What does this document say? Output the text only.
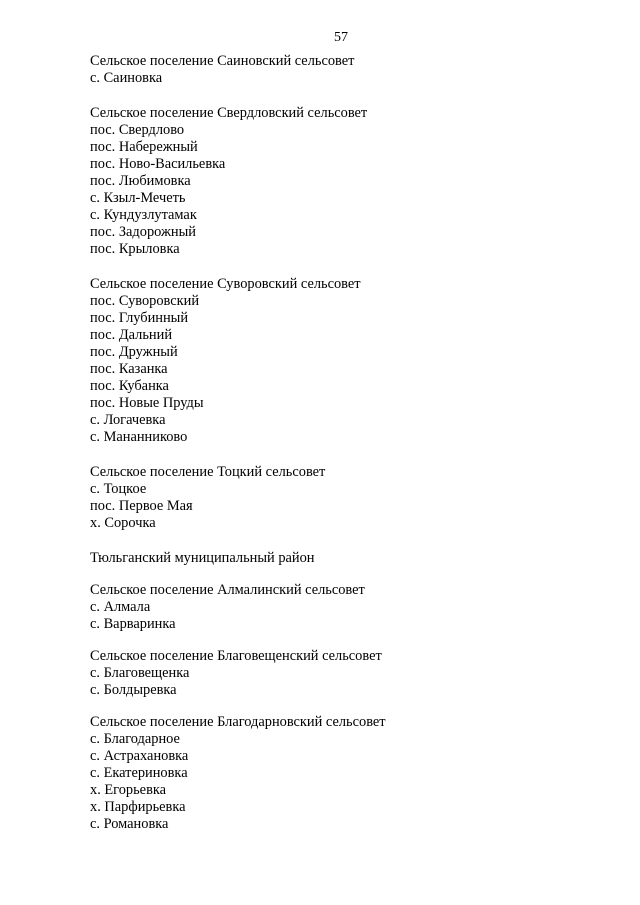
57
Сельское поселение Саиновский сельсовет
с. Саиновка
Сельское поселение Свердловский сельсовет
пос. Свердлово
пос. Набережный
пос. Ново-Васильевка
пос. Любимовка
с. Кзыл-Мечеть
с. Кундузлутамак
пос. Задорожный
пос. Крыловка
Сельское поселение Суворовский сельсовет
пос. Суворовский
пос. Глубинный
пос. Дальний
пос. Дружный
пос. Казанка
пос. Кубанка
пос. Новые Пруды
с. Логачевка
с. Мананниково
Сельское поселение Тоцкий сельсовет
с. Тоцкое
пос. Первое Мая
х. Сорочка
Тюльганский муниципальный район
Сельское поселение Алмалинский сельсовет
с. Алмала
с. Варваринка
Сельское поселение Благовещенский сельсовет
с. Благовещенка
с. Болдыревка
Сельское поселение Благодарновский сельсовет
с. Благодарное
с. Астрахановка
с. Екатериновка
х. Егорьевка
х. Парфирьевка
с. Романовка
